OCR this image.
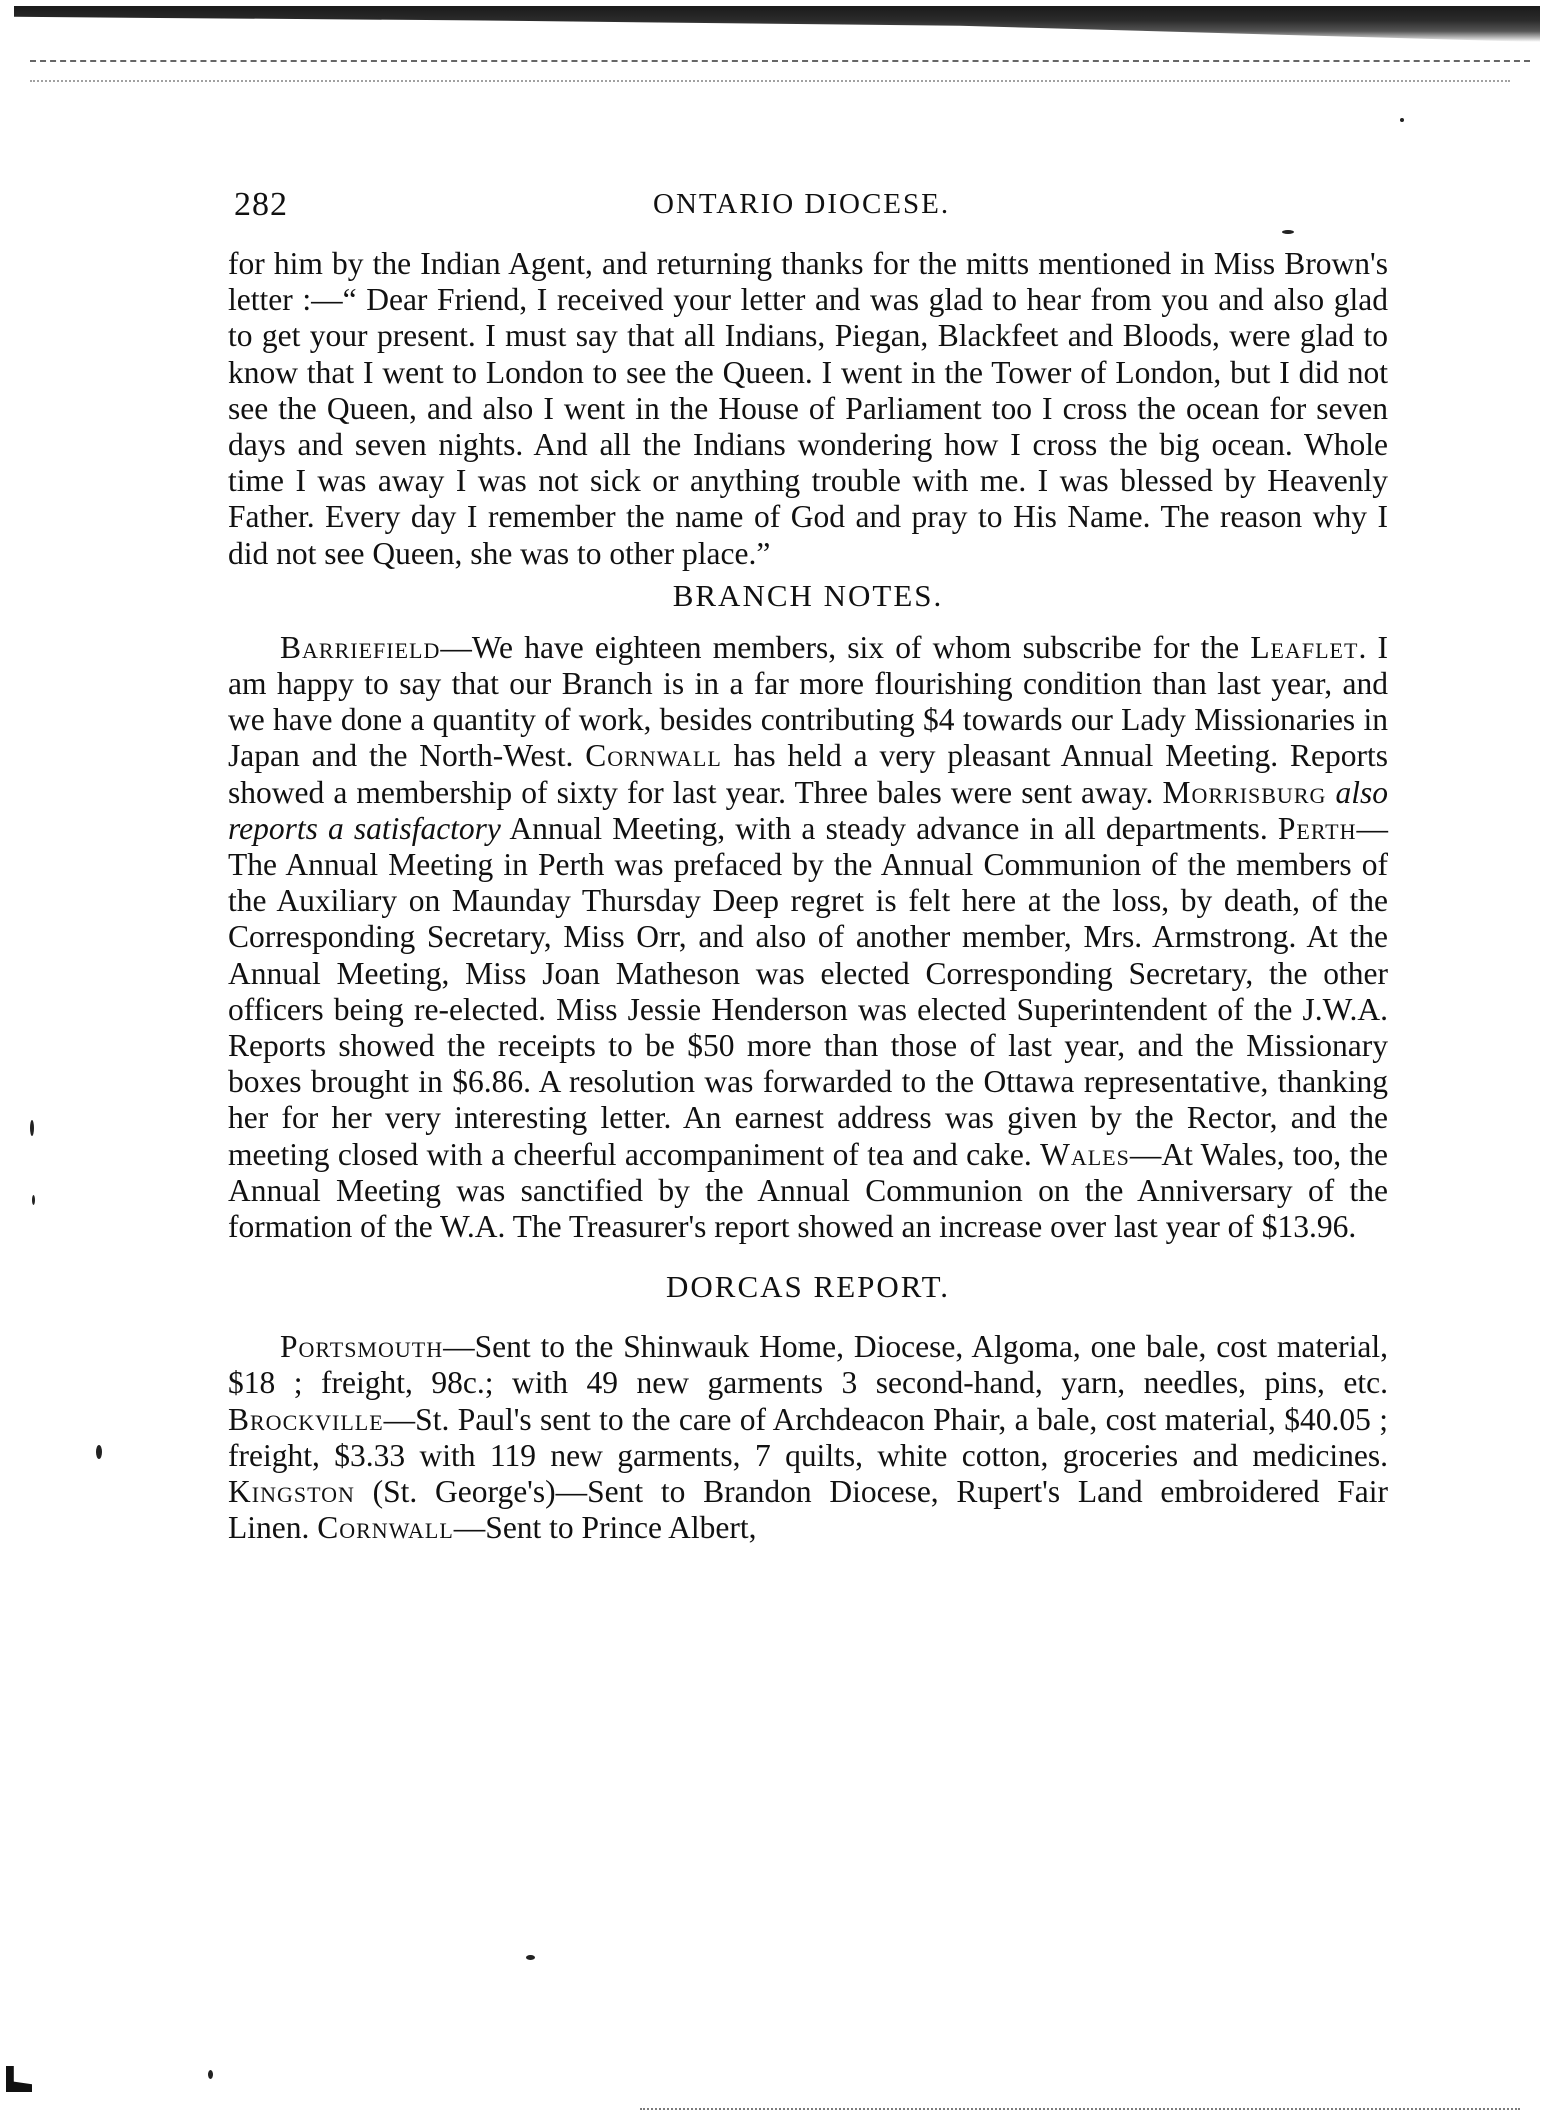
282	ONTARIO DIOCESE.

for him by the Indian Agent, and returning thanks for the mitts mentioned in Miss Brown's letter :—“ Dear Friend, I received your letter and was glad to hear from you and also glad to get your present. I must say that all Indians, Piegan, Blackfeet and Bloods, were glad to know that I went to London to see the Queen. I went in the Tower of London, but I did not see the Queen, and also I went in the House of Parliament too I cross the ocean for seven days and seven nights. And all the Indians wondering how I cross the big ocean. Whole time I was away I was not sick or anything trouble with me. I was blessed by Heavenly Father. Every day I remember the name of God and pray to His Name. The reason why I did not see Queen, she was to other place.”

BRANCH NOTES.

Barriefield—We have eighteen members, six of whom subscribe for the Leaflet. I am happy to say that our Branch is in a far more flourishing condition than last year, and we have done a quantity of work, besides contributing $4 towards our Lady Missionaries in Japan and the North-West. Cornwall has held a very pleasant Annual Meeting. Reports showed a membership of sixty for last year. Three bales were sent away. Morrisburg also reports a satisfactory Annual Meeting, with a steady advance in all departments. Perth—The Annual Meeting in Perth was prefaced by the Annual Communion of the members of the Auxiliary on Maunday Thursday Deep regret is felt here at the loss, by death, of the Corresponding Secretary, Miss Orr, and also of another member, Mrs. Armstrong. At the Annual Meeting, Miss Joan Matheson was elected Corresponding Secretary, the other officers being re-elected. Miss Jessie Henderson was elected Superintendent of the J.W.A. Reports showed the receipts to be $50 more than those of last year, and the Missionary boxes brought in $6.86. A resolution was forwarded to the Ottawa representative, thanking her for her very interesting letter. An earnest address was given by the Rector, and the meeting closed with a cheerful accompaniment of tea and cake. Wales—At Wales, too, the Annual Meeting was sanctified by the Annual Communion on the Anniversary of the formation of the W.A. The Treasurer's report showed an increase over last year of $13.96.

DORCAS REPORT.

Portsmouth—Sent to the Shinwauk Home, Diocese, Algoma, one bale, cost material, $18 ; freight, 98c.; with 49 new garments 3 second-hand, yarn, needles, pins, etc. Brockville—St. Paul's sent to the care of Archdeacon Phair, a bale, cost material, $40.05 ; freight, $3.33 with 119 new garments, 7 quilts, white cotton, groceries and medicines. Kingston (St. George's)—Sent to Brandon Diocese, Rupert's Land embroidered Fair Linen. Cornwall—Sent to Prince Albert,
